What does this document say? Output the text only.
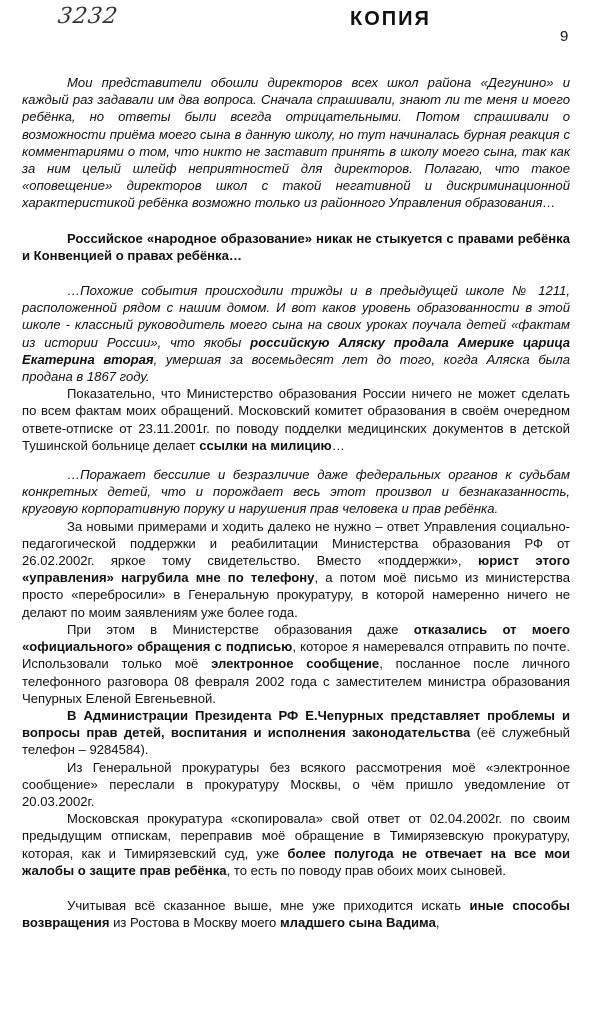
3232	КОПИЯ
9

Мои представители обошли директоров всех школ района «Дегунино» и каждый раз задавали им два вопроса. Сначала спрашивали, знают ли те меня и моего ребёнка, но ответы были всегда отрицательными. Потом спрашивали о возможности приёма моего сына в данную школу, но тут начиналась бурная реакция с комментариями о том, что никто не заставит принять в школу моего сына, так как за ним целый шлейф неприятностей для директоров. Полагаю, что такое «оповещение» директоров школ с такой негативной и дискриминационной характеристикой ребёнка возможно только из районного Управления образования…

Российское «народное образование» никак не стыкуется с правами ребёнка и Конвенцией о правах ребёнка…

…Похожие события происходили трижды и в предыдущей школе № 1211, расположенной рядом с нашим домом. И вот каков уровень образованности в этой школе - классный руководитель моего сына на своих уроках поучала детей «фактам из истории России», что якобы российскую Аляску продала Америке царица Екатерина вторая, умершая за восемьдесят лет до того, когда Аляска была продана в 1867 году.

Показательно, что Министерство образования России ничего не может сделать по всем фактам моих обращений. Московский комитет образования в своём очередном ответе-отписке от 23.11.2001г. по поводу подделки медицинских документов в детской Тушинской больнице делает ссылки на милицию…

…Поражает бессилие и безразличие даже федеральных органов к судьбам конкретных детей, что и порождает весь этот произвол и безнаказанность, круговую корпоративную поруку и нарушения прав человека и прав ребёнка.

За новыми примерами и ходить далеко не нужно – ответ Управления социально-педагогической поддержки и реабилитации Министерства образования РФ от 26.02.2002г. яркое тому свидетельство. Вместо «поддержки», юрист этого «управления» нагрубила мне по телефону, а потом моё письмо из министерства просто «перебросили» в Генеральную прокуратуру, в которой намеренно ничего не делают по моим заявлениям уже более года.

При этом в Министерстве образования даже отказались от моего «официального» обращения с подписью, которое я намеревался отправить по почте. Использовали только моё электронное сообщение, посланное после личного телефонного разговора 08 февраля 2002 года с заместителем министра образования Чепурных Еленой Евгеньевной.

В Администрации Президента РФ Е.Чепурных представляет проблемы и вопросы прав детей, воспитания и исполнения законодательства (её служебный телефон – 9284584).

Из Генеральной прокуратуры без всякого рассмотрения моё «электронное сообщение» переслали в прокуратуру Москвы, о чём пришло уведомление от 20.03.2002г.

Московская прокуратура «скопировала» свой ответ от 02.04.2002г. по своим предыдущим отпискам, переправив моё обращение в Тимирязевскую прокуратуру, которая, как и Тимирязевский суд, уже более полугода не отвечает на все мои жалобы о защите прав ребёнка, то есть по поводу прав обоих моих сыновей.

Учитывая всё сказанное выше, мне уже приходится искать иные способы возвращения из Ростова в Москву моего младшего сына Вадима,
